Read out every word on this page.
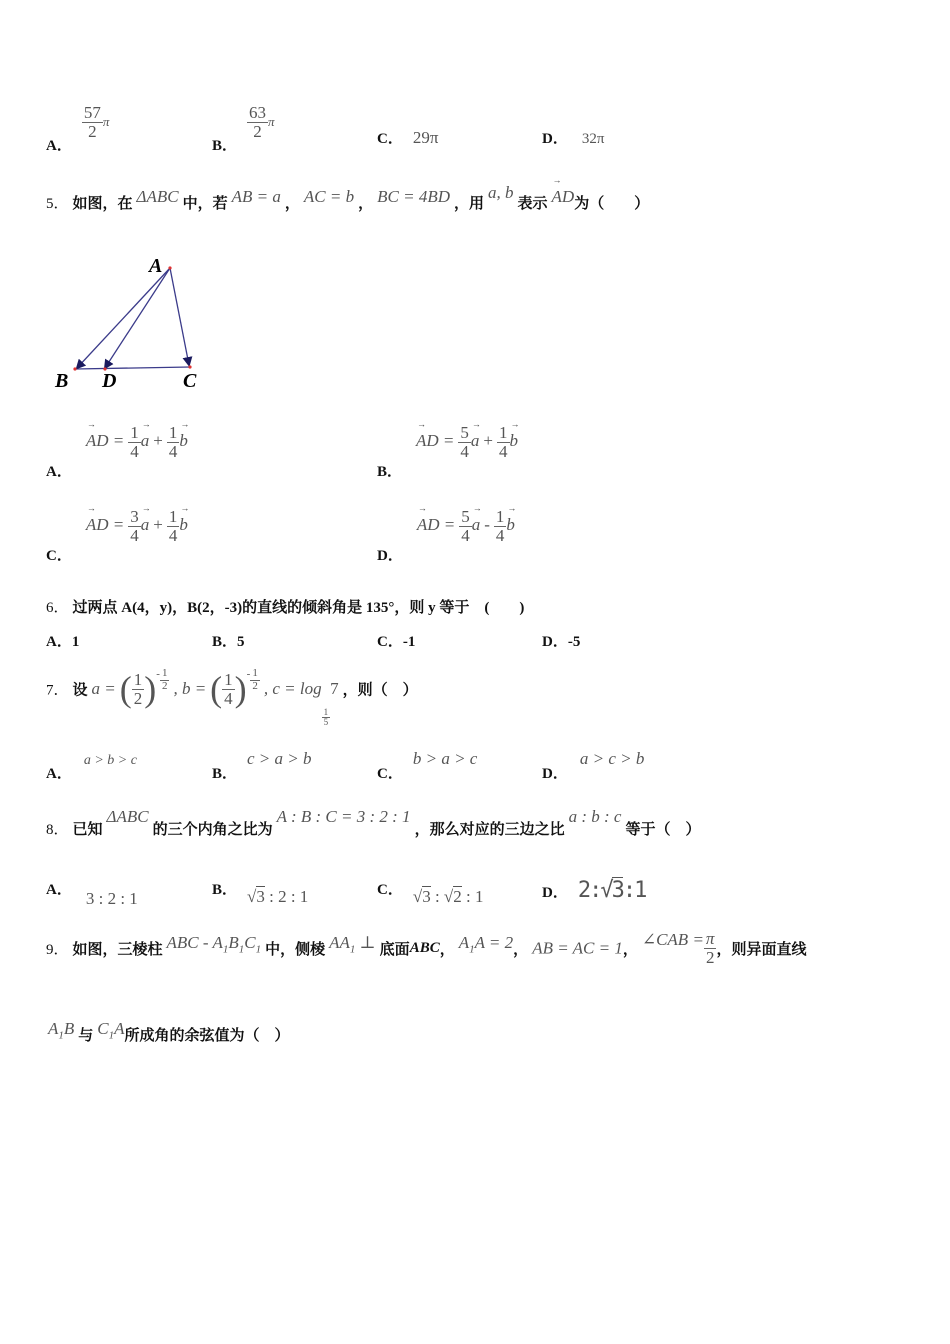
A．
$\frac{57}{2}$ π
B．
$\frac{63}{2}$ π
C． 29π	D． 32π
5． 如图，在 ΔABC 中，若 AB = a ， AC = b ， BC = 4BD ，用 a, b 表示 → AD为（　　）
A
B D	C
A． → AD = $\frac{1}{4}$
→ $a + \frac{1}{4}$
→ b
B． → AD = $\frac{5}{4}$
→ $a + \frac{1}{4}$
→ b
C． → AD = $\frac{3}{4}$
→ $a + \frac{1}{4}$
→ b
D． → AD = $\frac{5}{4}$
→ a - $\frac{1}{4}$
→ b
6． 过两点 A(4，y)，B(2，-3)的直线的倾斜角是 135°，则 y 等于　(　　)
A．1	B．5	C．-1	D．-5
7． 设 a = ( $\frac{1}{2}$ ) - $\frac{1}{2}$ , b = ( $\frac{1}{4}$ ) - $\frac{1}{2}$ , c = log
$\frac{1}{5}$
7 ，则（　）
A．a > b > c
B．c > a > b
C．b > a > c
D．a > c > b
8． 已知 ΔABC 的三个内角之比为 A : B : C = 3 : 2 : 1 ，那么对应的三边之比 a : b : c 等于（　）
A． 3 : 2 : 1	B． √3 : 2 : 1	C． √3 : √2 : 1	D． 2:√3:1
9． 如图，三棱柱 ABC - $A_1B_1C_1$ 中，侧棱 $AA_1$ ⊥ 底面ABC， $A_1A = 2$， AB = AC = 1， ∠CAB = $\frac{\pi}{2}$ ，则异面直线
$A_1B$ 与 $C_1A$所成角的余弦值为（　）
